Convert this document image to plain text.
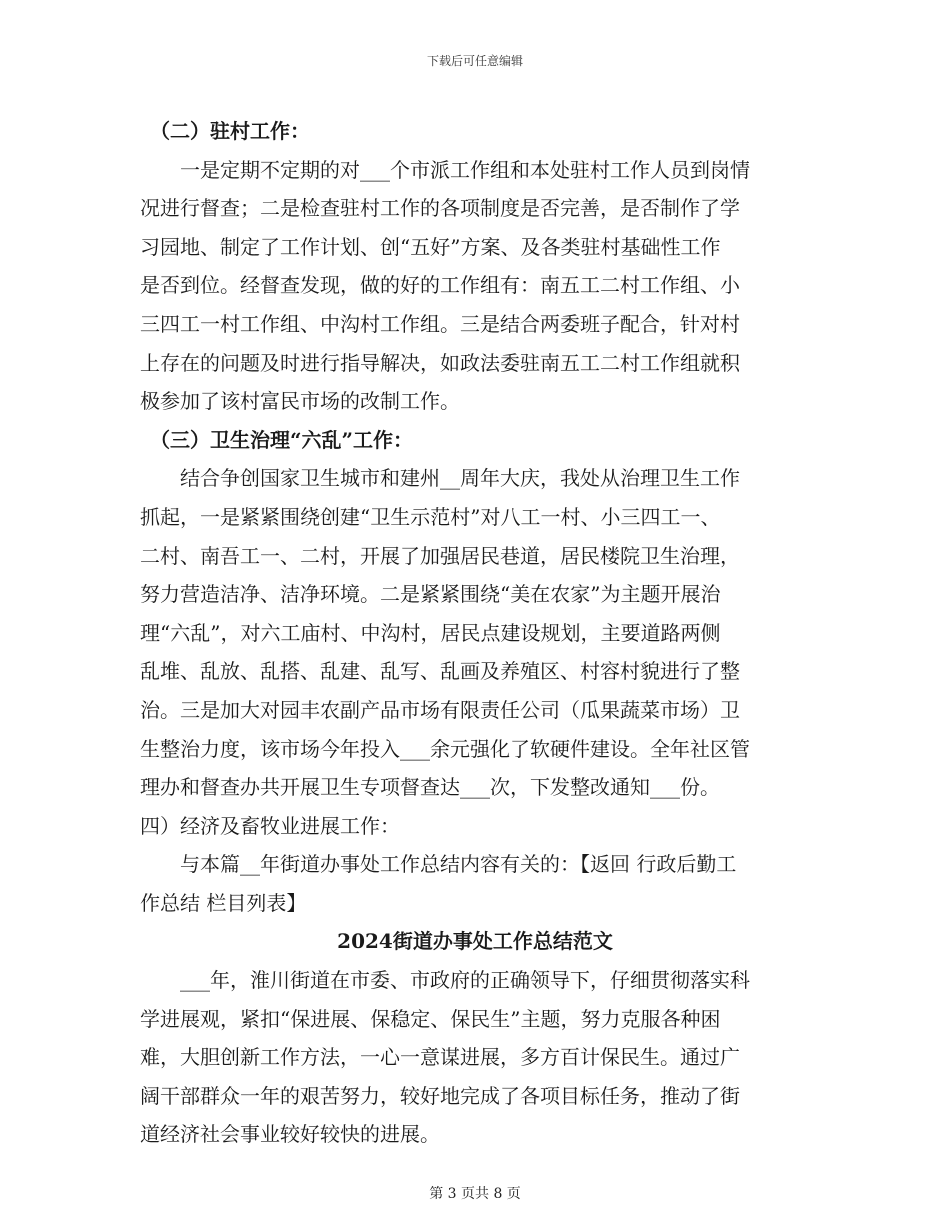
下载后可任意编辑
　（二）驻村工作：
　　一是定期不定期的对___个市派工作组和本处驻村工作人员到岗情
况进行督查；二是检查驻村工作的各项制度是否完善，是否制作了学
习园地、制定了工作计划、创“五好”方案、及各类驻村基础性工作
是否到位。经督查发现，做的好的工作组有：南五工二村工作组、小
三四工一村工作组、中沟村工作组。三是结合两委班子配合，针对村
上存在的问题及时进行指导解决，如政法委驻南五工二村工作组就积
极参加了该村富民市场的改制工作。
　（三）卫生治理“六乱”工作：
　　结合争创国家卫生城市和建州__周年大庆，我处从治理卫生工作
抓起，一是紧紧围绕创建“卫生示范村”对八工一村、小三四工一、
二村、南吾工一、二村，开展了加强居民巷道，居民楼院卫生治理，
努力营造洁净、洁净环境。二是紧紧围绕“美在农家”为主题开展治
理“六乱”，对六工庙村、中沟村，居民点建设规划，主要道路两侧
乱堆、乱放、乱搭、乱建、乱写、乱画及养殖区、村容村貌进行了整
治。三是加大对园丰农副产品市场有限责任公司（瓜果蔬菜市场）卫
生整治力度，该市场今年投入___余元强化了软硬件建设。全年社区管
理办和督查办共开展卫生专项督查达___次，下发整改通知___份。
四）经济及畜牧业进展工作：
　　与本篇__年街道办事处工作总结内容有关的：【返回 行政后勤工
作总结 栏目列表】
2024街道办事处工作总结范文
　　___年，淮川街道在市委、市政府的正确领导下，仔细贯彻落实科
学进展观，紧扣“保进展、保稳定、保民生”主题，努力克服各种困
难，大胆创新工作方法，一心一意谋进展，多方百计保民生。通过广
阔干部群众一年的艰苦努力，较好地完成了各项目标任务，推动了街
道经济社会事业较好较快的进展。
第 3 页共 8 页
